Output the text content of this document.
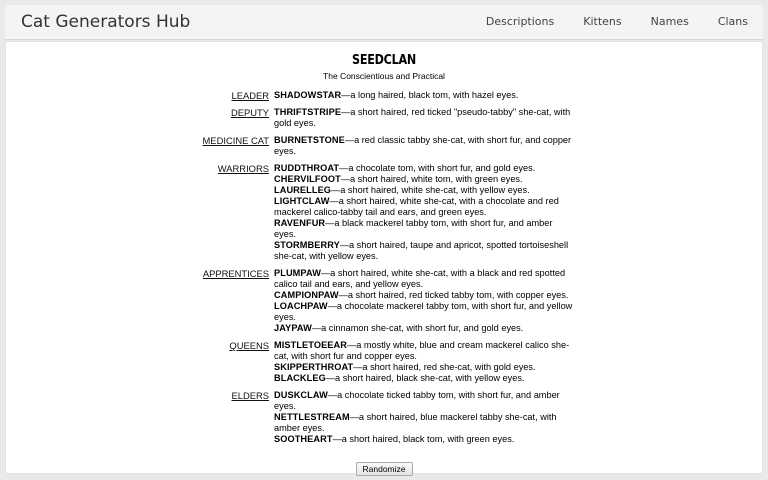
Cat Generators Hub	Descriptions	Kittens	Names	Clans
SEEDCLAN
The Conscientious and Practical
LEADER SHADOWSTAR—a long haired, black tom, with hazel eyes.

DEPUTY THRIFTSTRIPE—a short haired, red ticked "pseudo-tabby" she-cat, with gold eyes.

MEDICINE CAT BURNETSTONE—a red classic tabby she-cat, with short fur, and copper eyes.

WARRIORS RUDDTHROAT—a chocolate tom, with short fur, and gold eyes.

CHERVILFOOT—a short haired, white tom, with green eyes.

LAURELLEG—a short haired, white she-cat, with yellow eyes.

LIGHTCLAW—a short haired, white she-cat, with a chocolate and red mackerel calico-tabby tail and ears, and green eyes.

RAVENFUR—a black mackerel tabby tom, with short fur, and amber eyes.

STORMBERRY—a short haired, taupe and apricot, spotted tortoiseshell she-cat, with yellow eyes.

APPRENTICES PLUMPAW—a short haired, white she-cat, with a black and red spotted calico tail and ears, and yellow eyes.

CAMPIONPAW—a short haired, red ticked tabby tom, with copper eyes.

LOACHPAW—a chocolate mackerel tabby tom, with short fur, and yellow eyes.

JAYPAW—a cinnamon she-cat, with short fur, and gold eyes.

QUEENS MISTLETOEEAR—a mostly white, blue and cream mackerel calico she-cat, with short fur and copper eyes.

SKIPPERTHROAT—a short haired, red she-cat, with gold eyes.

BLACKLEG—a short haired, black she-cat, with yellow eyes.

ELDERS DUSKCLAW—a chocolate ticked tabby tom, with short fur, and amber eyes.

NETTLESTREAM—a short haired, blue mackerel tabby she-cat, with amber eyes.

SOOTHEART—a short haired, black tom, with green eyes.

Randomize
